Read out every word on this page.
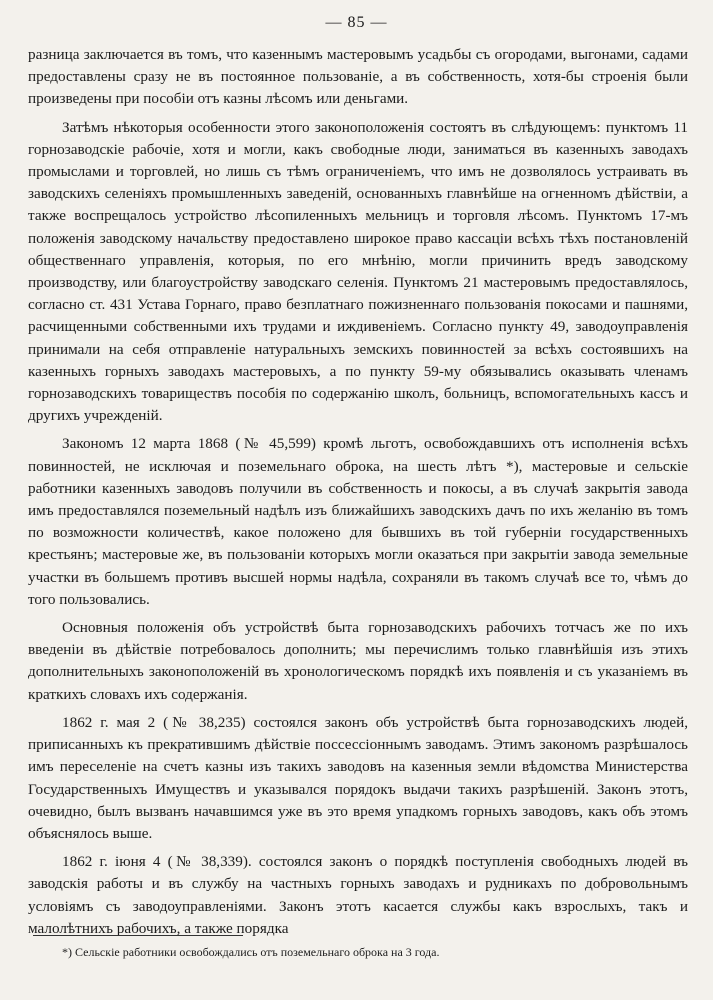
— 85 —

разница заключается въ томъ, что казеннымъ мастеровымъ усадьбы съ огородами, выгонами, садами предоставлены сразу не въ постоянное пользованіе, а въ собственность, хотя-бы строенія были произведены при пособіи отъ казны лѣсомъ или деньгами.

Затѣмъ нѣкоторыя особенности этого законоположенія состоятъ въ слѣдующемъ: пунктомъ 11 горнозаводскіе рабочіе, хотя и могли, какъ свободные люди, заниматься въ казенныхъ заводахъ промыслами и торговлей, но лишь съ тѣмъ ограниченіемъ, что имъ не дозволялось устраивать въ заводскихъ селеніяхъ промышленныхъ заведеній, основанныхъ главнѣйше на огненномъ дѣйствіи, а также воспрещалось устройство лѣсопиленныхъ мельницъ и торговля лѣсомъ. Пунктомъ 17-мъ положенія заводскому начальству предоставлено широкое право кассаціи всѣхъ тѣхъ постановленій общественнаго управленія, которыя, по его мнѣнію, могли причинить вредъ заводскому производству, или благоустройству заводскаго селенія. Пунктомъ 21 мастеровымъ предоставлялось, согласно ст. 431 Устава Горнаго, право безплатнаго пожизненнаго пользованія покосами и пашнями, расчищенными собственными ихъ трудами и иждивеніемъ. Согласно пункту 49, заводоуправленія принимали на себя отправленіе натуральныхъ земскихъ повинностей за всѣхъ состоявшихъ на казенныхъ горныхъ заводахъ мастеровыхъ, а по пункту 59-му обязывались оказывать членамъ горнозаводскихъ товариществъ пособія по содержанію школъ, больницъ, вспомогательныхъ кассъ и другихъ учрежденій.

Закономъ 12 марта 1868 (№ 45,599) кромѣ льготъ, освобождавшихъ отъ исполненія всѣхъ повинностей, не исключая и поземельнаго оброка, на шесть лѣтъ *), мастеровые и сельскіе работники казенныхъ заводовъ получили въ собственность и покосы, а въ случаѣ закрытія завода имъ предоставлялся поземельный надѣлъ изъ ближайшихъ заводскихъ дачъ по ихъ желанію въ томъ по возможности количествѣ, какое положено для бывшихъ въ той губерніи государственныхъ крестьянъ; мастеровые же, въ пользованіи которыхъ могли оказаться при закрытіи завода земельные участки въ большемъ противъ высшей нормы надѣла, сохраняли въ такомъ случаѣ все то, чѣмъ до того пользовались.

Основныя положенія объ устройствѣ быта горнозаводскихъ рабочихъ тотчасъ же по ихъ введеніи въ дѣйствіе потребовалось дополнить; мы перечислимъ только главнѣйшія изъ этихъ дополнительныхъ законоположеній въ хронологическомъ порядкѣ ихъ появленія и съ указаніемъ въ краткихъ словахъ ихъ содержанія.

1862 г. мая 2 (№ 38,235) состоялся законъ объ устройствѣ быта горнозаводскихъ людей, приписанныхъ къ прекратившимъ дѣйствіе поссессіоннымъ заводамъ. Этимъ закономъ разрѣшалось имъ переселеніе на счетъ казны изъ такихъ заводовъ на казенныя земли вѣдомства Министерства Государственныхъ Имуществъ и указывался порядокъ выдачи такихъ разрѣшеній. Законъ этотъ, очевидно, былъ вызванъ начавшимся уже въ это время упадкомъ горныхъ заводовъ, какъ объ этомъ объяснялось выше.

1862 г. іюня 4 (№ 38,339). состоялся законъ о порядкѣ поступленія свободныхъ людей въ заводскія работы и въ службу на частныхъ горныхъ заводахъ и рудникахъ по добровольнымъ условіямъ съ заводоуправленіями. Законъ этотъ касается службы какъ взрослыхъ, такъ и малолѣтнихъ рабочихъ, а также порядка

*) Сельскіе работники освобождались отъ поземельнаго оброка на 3 года.
